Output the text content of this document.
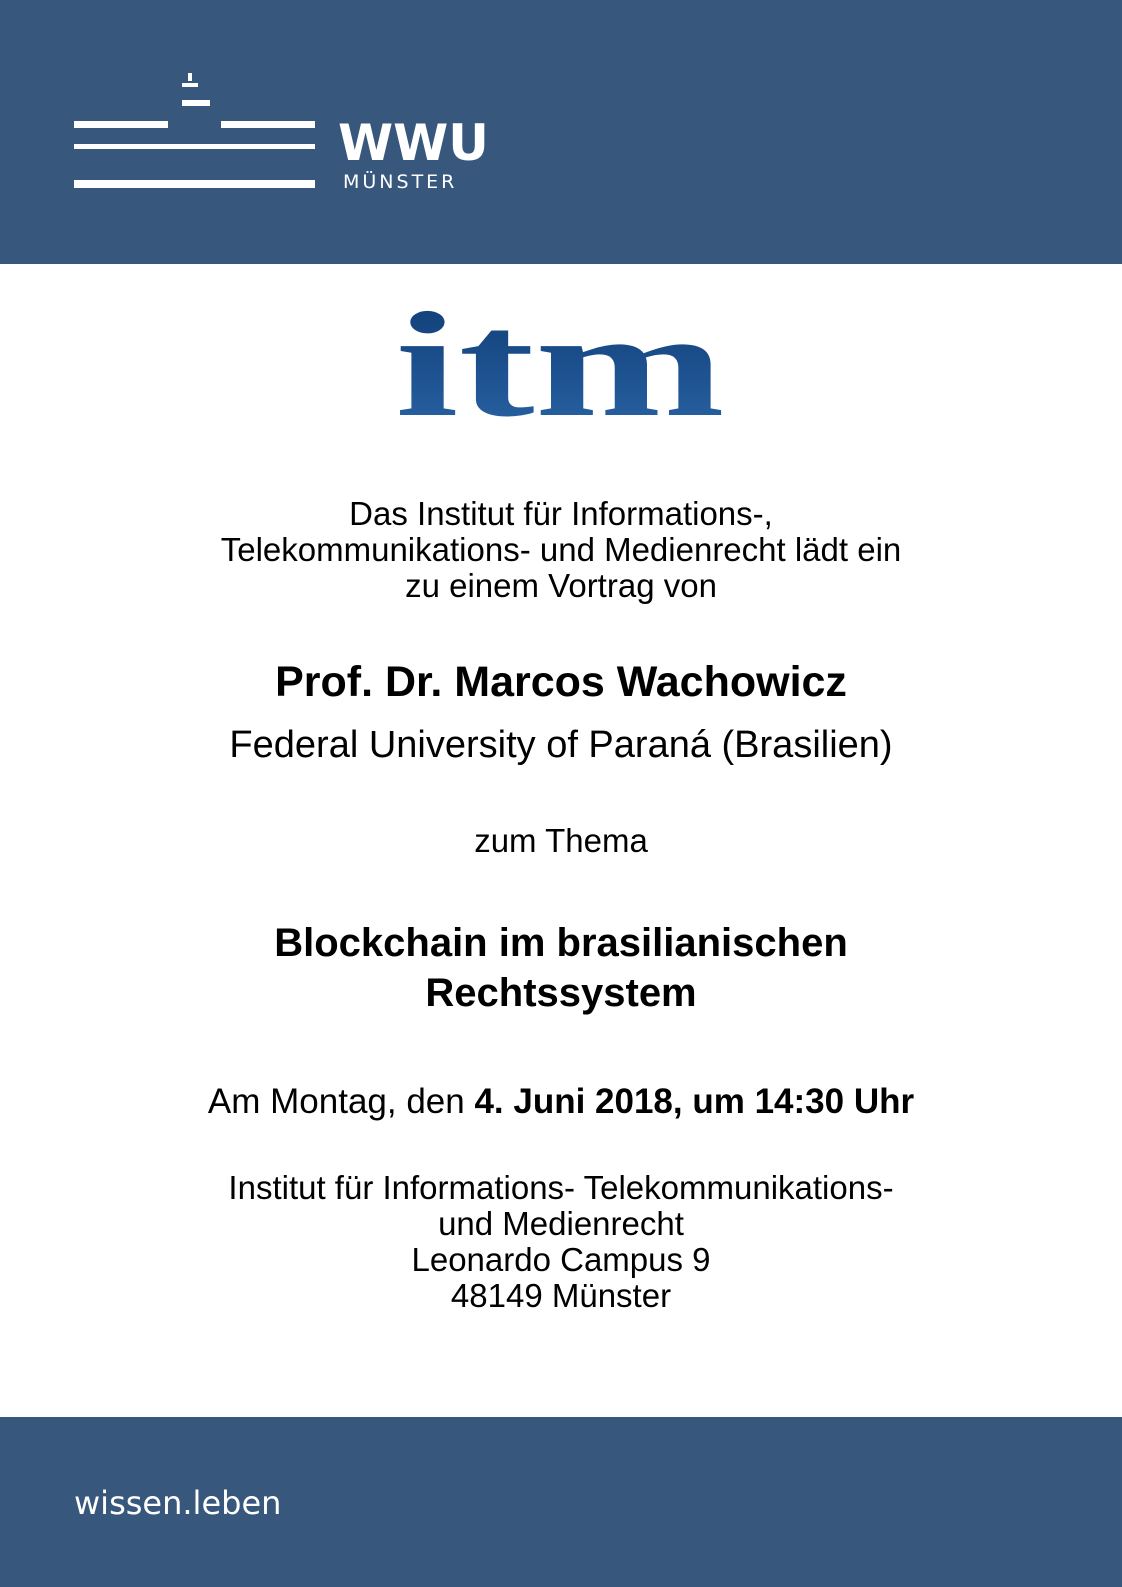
WWU
MÜNSTER
itm
Das Institut für Informations-,
Telekommunikations- und Medienrecht lädt ein
zu einem Vortrag von
Prof. Dr. Marcos Wachowicz
Federal University of Paraná (Brasilien)
zum Thema
Blockchain im brasilianischen
Rechtssystem
Am Montag, den 4. Juni 2018, um 14:30 Uhr
Institut für Informations- Telekommunikations-
und Medienrecht
Leonardo Campus 9
48149 Münster
wissen.leben
